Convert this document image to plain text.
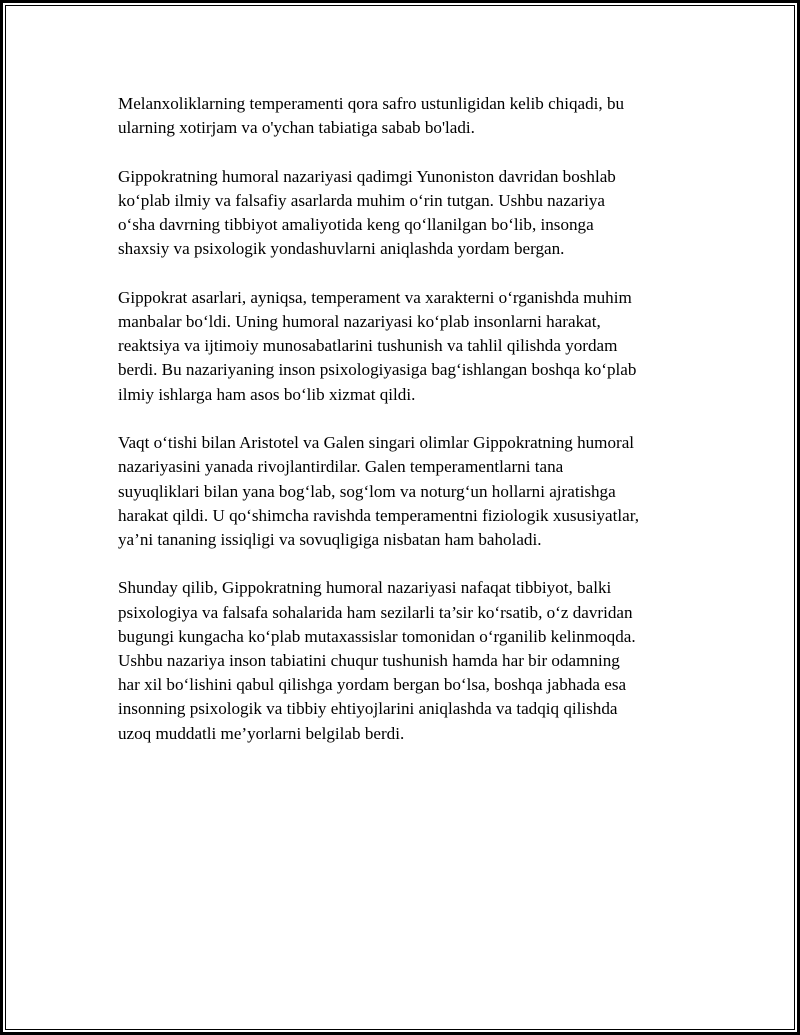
Melanxoliklarning temperamenti qora safro ustunligidan kelib chiqadi, bu
ularning xotirjam va o'ychan tabiatiga sabab bo'ladi.

Gippokratning humoral nazariyasi qadimgi Yunoniston davridan boshlab
ko‘plab ilmiy va falsafiy asarlarda muhim o‘rin tutgan. Ushbu nazariya
o‘sha davrning tibbiyot amaliyotida keng qo‘llanilgan bo‘lib, insonga
shaxsiy va psixologik yondashuvlarni aniqlashda yordam bergan.

Gippokrat asarlari, ayniqsa, temperament va xarakterni o‘rganishda muhim
manbalar bo‘ldi. Uning humoral nazariyasi ko‘plab insonlarni harakat,
reaktsiya va ijtimoiy munosabatlarini tushunish va tahlil qilishda yordam
berdi. Bu nazariyaning inson psixologiyasiga bag‘ishlangan boshqa ko‘plab
ilmiy ishlarga ham asos bo‘lib xizmat qildi.

Vaqt o‘tishi bilan Aristotel va Galen singari olimlar Gippokratning humoral
nazariyasini yanada rivojlantirdilar. Galen temperamentlarni tana
suyuqliklari bilan yana bog‘lab, sog‘lom va noturg‘un hollarni ajratishga
harakat qildi. U qo‘shimcha ravishda temperamentni fiziologik xususiyatlar,
ya’ni tananing issiqligi va sovuqligiga nisbatan ham baholadi.

Shunday qilib, Gippokratning humoral nazariyasi nafaqat tibbiyot, balki
psixologiya va falsafa sohalarida ham sezilarli ta’sir ko‘rsatib, o‘z davridan
bugungi kungacha ko‘plab mutaxassislar tomonidan o‘rganilib kelinmoqda.
Ushbu nazariya inson tabiatini chuqur tushunish hamda har bir odamning
har xil bo‘lishini qabul qilishga yordam bergan bo‘lsa, boshqa jabhada esa
insonning psixologik va tibbiy ehtiyojlarini aniqlashda va tadqiq qilishda
uzoq muddatli me’yorlarni belgilab berdi.
